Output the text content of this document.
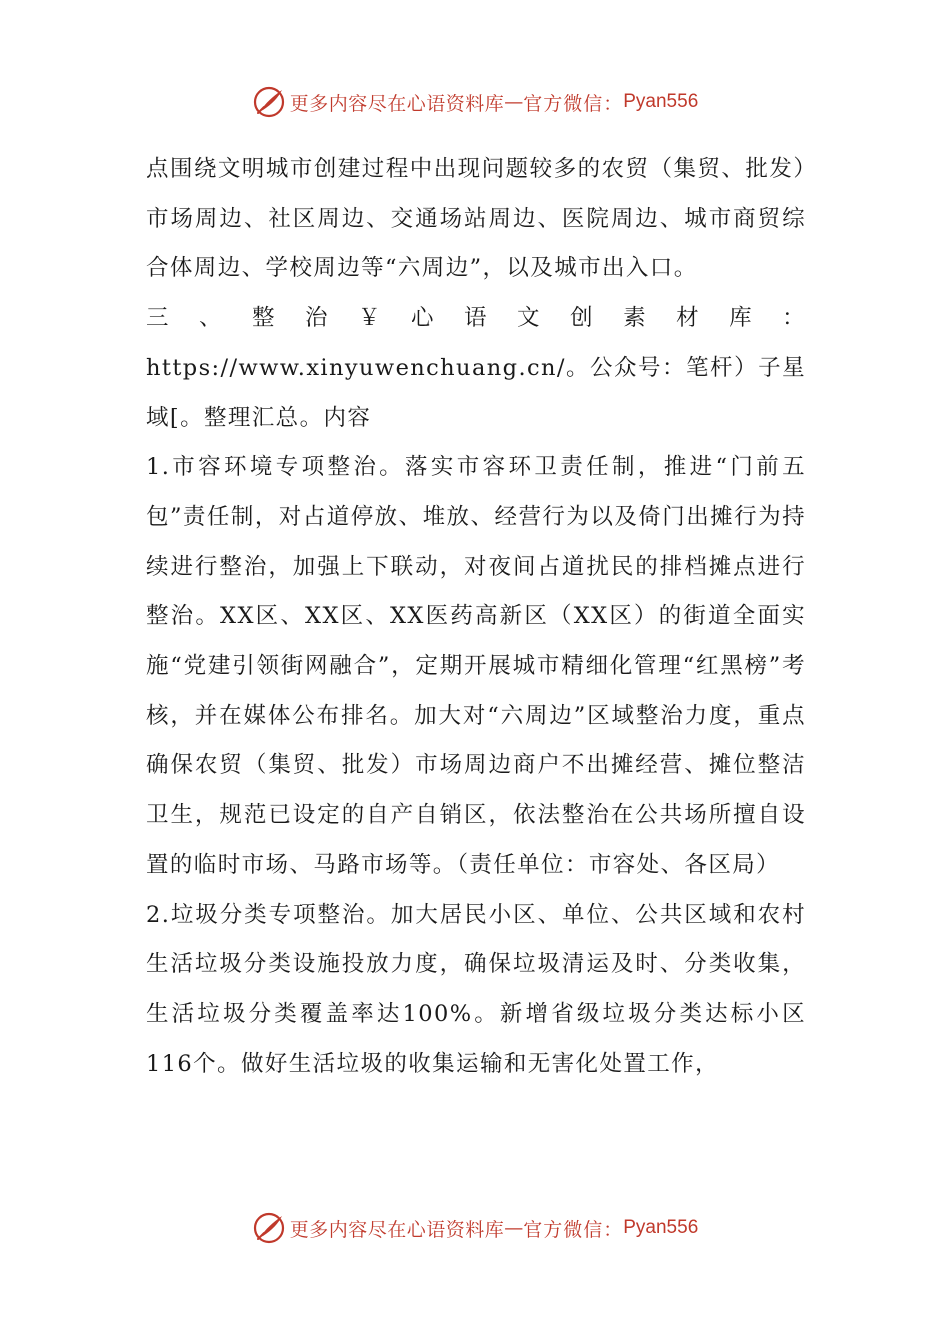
更多内容尽在心语资料库 — 官方微信： Pyan556

点围绕文明城市创建过程中出现问题较多的农贸（集贸、批发）市场周边、社区周边、交通场站周边、医院周边、城市商贸综合体周边、学校周边等“六周边”，以及城市出入口。

三、整治￥心语文创素材库：https://www.xinyuwenchuang.cn/。公众号：笔杆）子星域[。整理汇总。内容

1.市容环境专项整治。落实市容环卫责任制，推进“门前五包”责任制，对占道停放、堆放、经营行为以及倚门出摊行为持续进行整治，加强上下联动，对夜间占道扰民的排档摊点进行整治。XX区、XX区、XX医药高新区（XX区）的街道全面实施“党建引领街网融合”，定期开展城市精细化管理“红黑榜”考核，并在媒体公布排名。加大对“六周边”区域整治力度，重点确保农贸（集贸、批发）市场周边商户不出摊经营、摊位整洁卫生，规范已设定的自产自销区，依法整治在公共场所擅自设置的临时市场、马路市场等。（责任单位：市容处、各区局）

2.垃圾分类专项整治。加大居民小区、单位、公共区域和农村生活垃圾分类设施投放力度，确保垃圾清运及时、分类收集，生活垃圾分类覆盖率达100%。新增省级垃圾分类达标小区116个。做好生活垃圾的收集运输和无害化处置工作，

更多内容尽在心语资料库 — 官方微信： Pyan556
